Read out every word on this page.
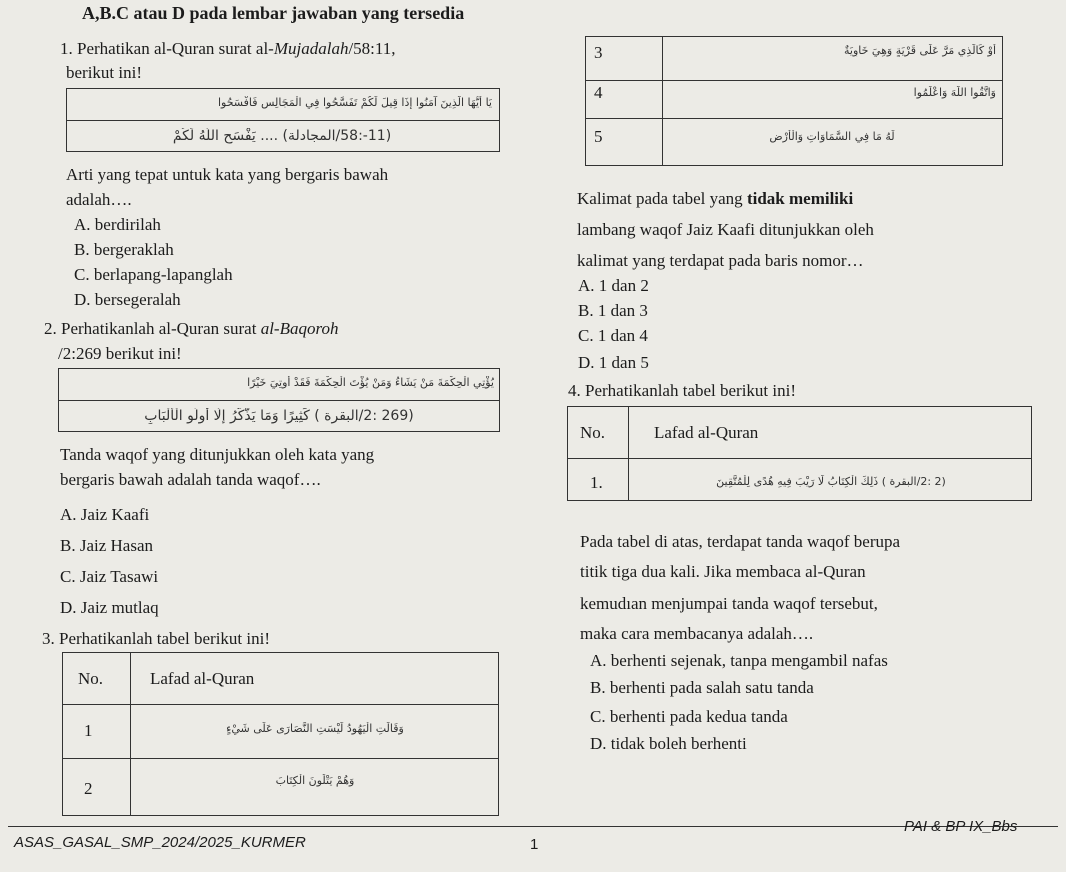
A,B.C atau D pada lembar jawaban yang tersedia
1. Perhatikan al-Quran surat al-Mujadalah/58:11,
berikut ini!
يَا أَيُّهَا الَّذِينَ آمَنُوا إِذَا قِيلَ لَكُمْ تَفَسَّحُوا فِي الْمَجَالِسِ فَافْسَحُوا
(11-:58/المجادلة) .... يَفْسَحِ اللَّهُ لَكُمْ
Arti yang tepat untuk kata yang bergaris bawah
adalah….
A. berdirilah
B. bergeraklah
C. berlapang-lapanglah
D. bersegeralah
2. Perhatikanlah al-Quran surat al-Baqoroh
/2:269 berikut ini!
يُؤْتِي الْحِكْمَةَ مَنْ يَشَاءُ وَمَنْ يُؤْتَ الْحِكْمَةَ فَقَدْ أُوتِيَ خَيْرًا
(269 :2/البقرة ) كَثِيرًا وَمَا يَذَّكَّرُ إِلَّا أُولُو الْأَلْبَابِ
Tanda waqof yang ditunjukkan oleh kata yang
bergaris bawah adalah tanda waqof….
A. Jaiz Kaafi
B. Jaiz Hasan
C. Jaiz Tasawi
D. Jaiz mutlaq
3. Perhatikanlah tabel berikut ini!
No.	Lafad al-Quran
1	وَقَالَتِ الْيَهُودُ لَيْسَتِ النَّصَارَى عَلَى شَيْءٍ
2	وَهُمْ يَتْلُونَ الْكِتَابَ
3	أَوْ كَالَّذِي مَرَّ عَلَى قَرْيَةٍ وَهِيَ خَاوِيَةٌ
4	وَاتَّقُوا اللَّهَ وَاعْلَمُوا
5	لَهُ مَا فِي السَّمَاوَاتِ وَالْأَرْضِ
Kalimat pada tabel yang tidak memiliki
lambang waqof Jaiz Kaafi ditunjukkan oleh
kalimat yang terdapat pada baris nomor…
A. 1 dan 2
B. 1 dan 3
C. 1 dan 4
D. 1 dan 5
4. Perhatikanlah tabel berikut ini!
No.	Lafad al-Quran
1.	(2 :2/البقرة ) ذَلِكَ الْكِتَابُ لَا رَيْبَ فِيهِ هُدًى لِلْمُتَّقِينَ
Pada tabel di atas, terdapat tanda waqof berupa
titik tiga dua kali. Jika membaca al-Quran
kemudıan menjumpai tanda waqof tersebut,
maka cara membacanya adalah….
A. berhenti sejenak, tanpa mengambil nafas
B. berhenti pada salah satu tanda
C. berhenti pada kedua tanda
D. tidak boleh berhenti
ASAS_GASAL_SMP_2024/2025_KURMER	1
PAI & BP IX_Bbs
